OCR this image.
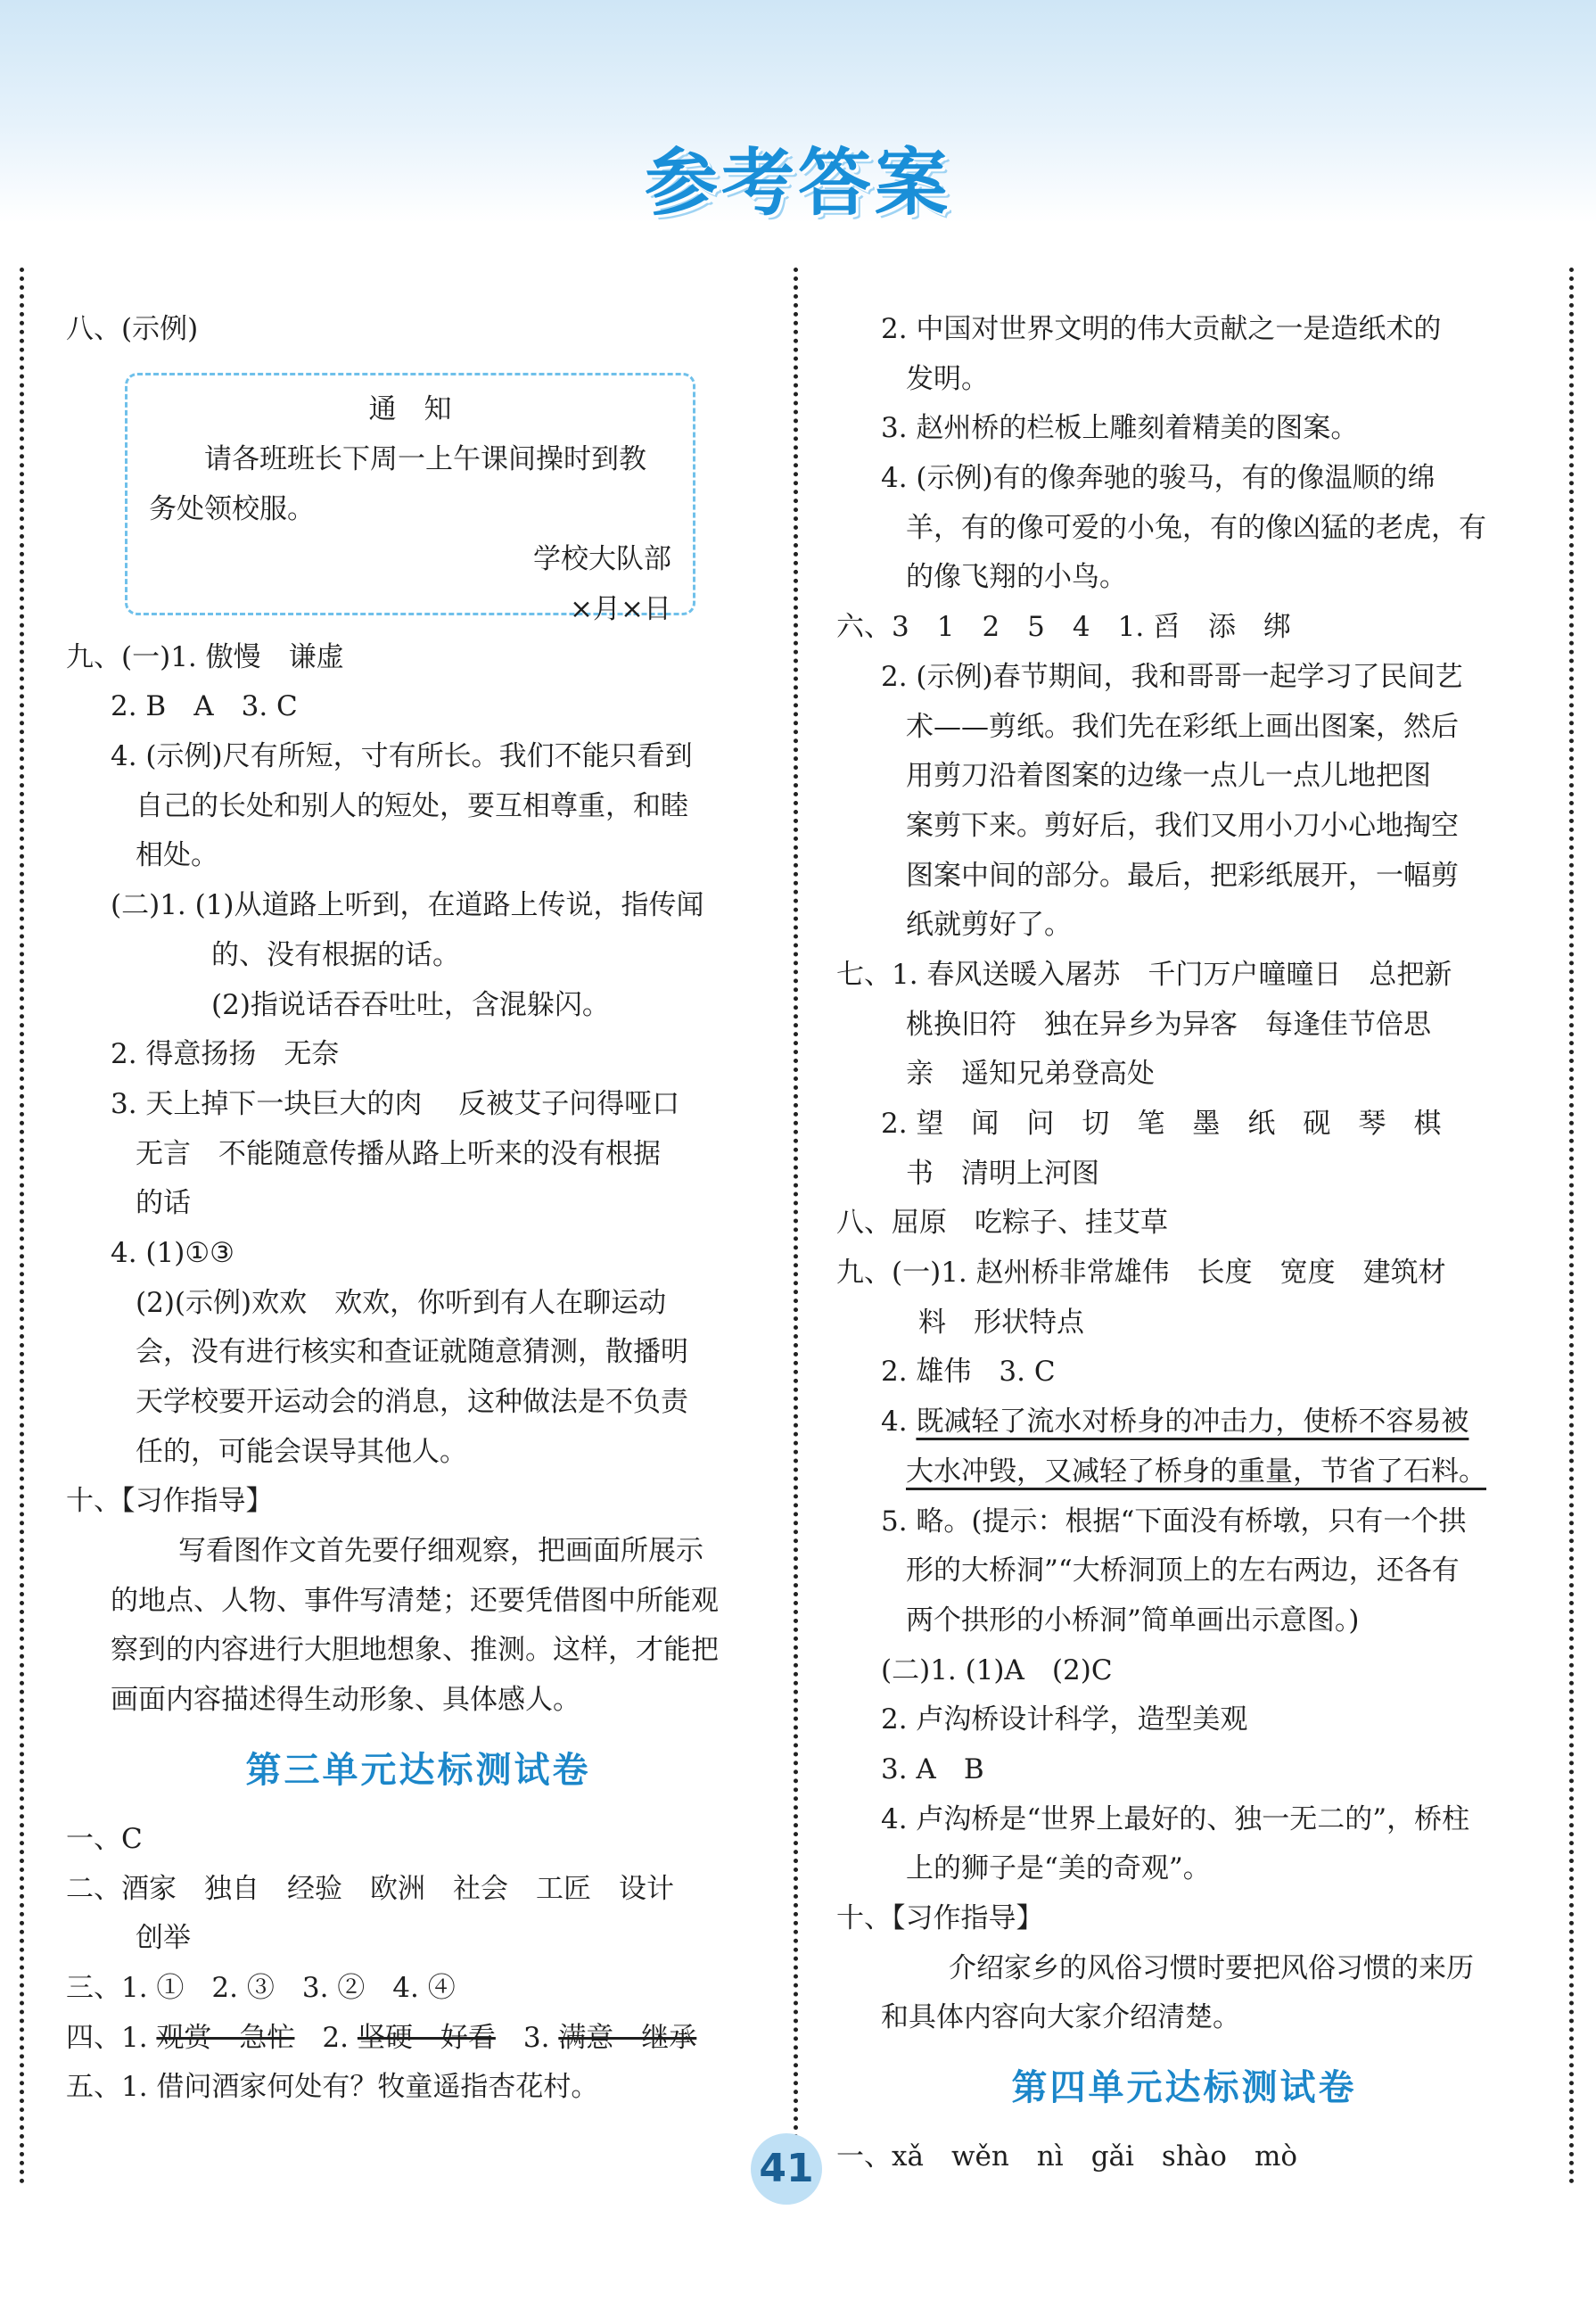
参考答案
八、(示例)
通　知
请各班班长下周一上午课间操时到教
务处领校服。
学校大队部
×月×日
九、(一)1. 傲慢　谦虚
2. B　A　3. C
4. (示例)尺有所短，寸有所长。我们不能只看到
自己的长处和别人的短处，要互相尊重，和睦
相处。
(二)1. (1)从道路上听到，在道路上传说，指传闻
的、没有根据的话。
(2)指说话吞吞吐吐，含混躲闪。
2. 得意扬扬　无奈
3. 天上掉下一块巨大的肉　 反被艾子问得哑口
无言　不能随意传播从路上听来的没有根据
的话
4. (1)①③
(2)(示例)欢欢　欢欢，你听到有人在聊运动
会，没有进行核实和查证就随意猜测，散播明
天学校要开运动会的消息，这种做法是不负责
任的，可能会误导其他人。
十、【习作指导】
写看图作文首先要仔细观察，把画面所展示
的地点、人物、事件写清楚；还要凭借图中所能观
察到的内容进行大胆地想象、推测。这样，才能把
画面内容描述得生动形象、具体感人。
第三单元达标测试卷
一、C
二、酒家　独自　经验　欧洲　社会　工匠　设计
创举
三、1. ①　2. ③　3. ②　4. ④
四、1. 观赏　急忙　2. 坚硬　好看　3. 满意　继承
五、1. 借问酒家何处有？牧童遥指杏花村。
2. 中国对世界文明的伟大贡献之一是造纸术的
发明。
3. 赵州桥的栏板上雕刻着精美的图案。
4. (示例)有的像奔驰的骏马，有的像温顺的绵
羊，有的像可爱的小兔，有的像凶猛的老虎，有
的像飞翔的小鸟。
六、3　1　2　5　4　1. 舀　添　绑
2. (示例)春节期间，我和哥哥一起学习了民间艺
术——剪纸。我们先在彩纸上画出图案，然后
用剪刀沿着图案的边缘一点儿一点儿地把图
案剪下来。剪好后，我们又用小刀小心地掏空
图案中间的部分。最后，把彩纸展开，一幅剪
纸就剪好了。
七、1. 春风送暖入屠苏　千门万户曈曈日　总把新
桃换旧符　独在异乡为异客　每逢佳节倍思
亲　遥知兄弟登高处
2. 望　闻　问　切　笔　墨　纸　砚　琴　棋
书　清明上河图
八、屈原　吃粽子、挂艾草
九、(一)1. 赵州桥非常雄伟　长度　宽度　建筑材
料　形状特点
2. 雄伟　3. C
4. 既减轻了流水对桥身的冲击力，使桥不容易被
大水冲毁，又减轻了桥身的重量，节省了石料。
5. 略。(提示：根据“下面没有桥墩，只有一个拱
形的大桥洞”“大桥洞顶上的左右两边，还各有
两个拱形的小桥洞”简单画出示意图。)
(二)1. (1)A　(2)C
2. 卢沟桥设计科学，造型美观
3. A　B
4. 卢沟桥是“世界上最好的、独一无二的”，桥柱
上的狮子是“美的奇观”。
十、【习作指导】
介绍家乡的风俗习惯时要把风俗习惯的来历
和具体内容向大家介绍清楚。
第四单元达标测试卷
一、xǎ　wěn　nì　gǎi　shào　mò
41
